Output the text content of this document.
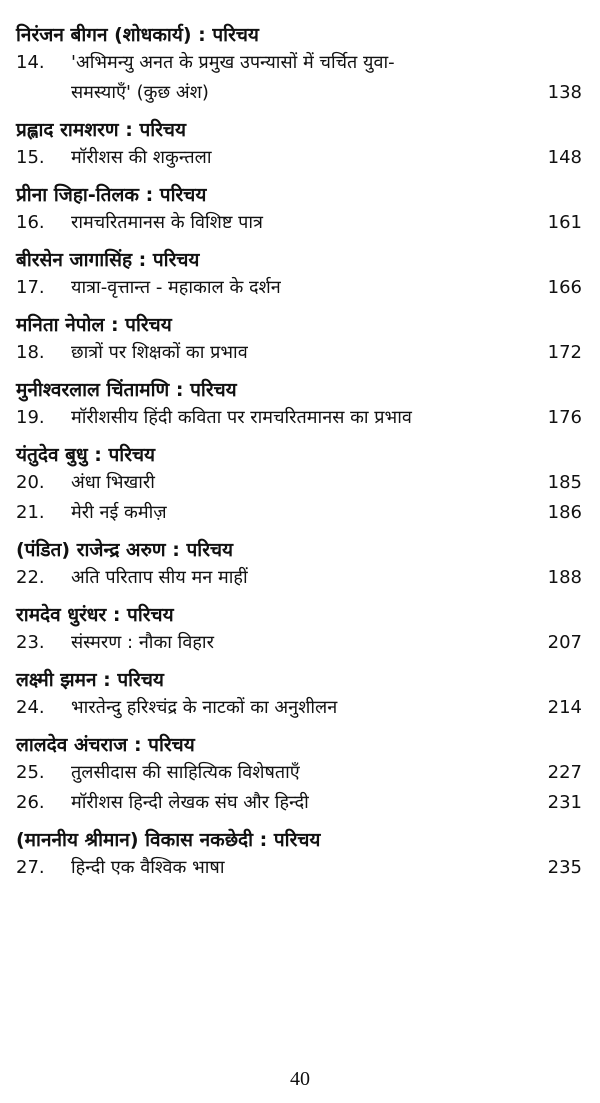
निरंजन बीगन (शोधकार्य) : परिचय
14.	'अभिमन्यु अनत के प्रमुख उपन्यासों में चर्चित युवा-
समस्याएँ' (कुछ अंश)	138
प्रह्लाद रामशरण : परिचय
15.	मॉरीशस की शकुन्तला	148
प्रीना जिहा-तिलक : परिचय
16.	रामचरितमानस के विशिष्ट पात्र	161
बीरसेन जागासिंह : परिचय
17.	यात्रा-वृत्तान्त - महाकाल के दर्शन	166
मनिता नेपोल : परिचय
18.	छात्रों पर शिक्षकों का प्रभाव	172
मुनीश्वरलाल चिंतामणि : परिचय
19.	मॉरीशसीय हिंदी कविता पर रामचरितमानस का प्रभाव	176
यंतुदेव बुधु : परिचय
20.	अंधा भिखारी	185
21.	मेरी नई कमीज़	186
(पंडित) राजेन्द्र अरुण : परिचय
22.	अति परिताप सीय मन माहीं	188
रामदेव धुरंधर : परिचय
23.	संस्मरण : नौका विहार	207
लक्ष्मी झमन : परिचय
24.	भारतेन्दु हरिश्चंद्र के नाटकों का अनुशीलन	214
लालदेव अंचराज : परिचय
25.	तुलसीदास की साहित्यिक विशेषताएँ	227
26.	मॉरीशस हिन्दी लेखक संघ और हिन्दी	231
(माननीय श्रीमान) विकास नकछेदी : परिचय
27.	हिन्दी एक वैश्विक भाषा	235
40
